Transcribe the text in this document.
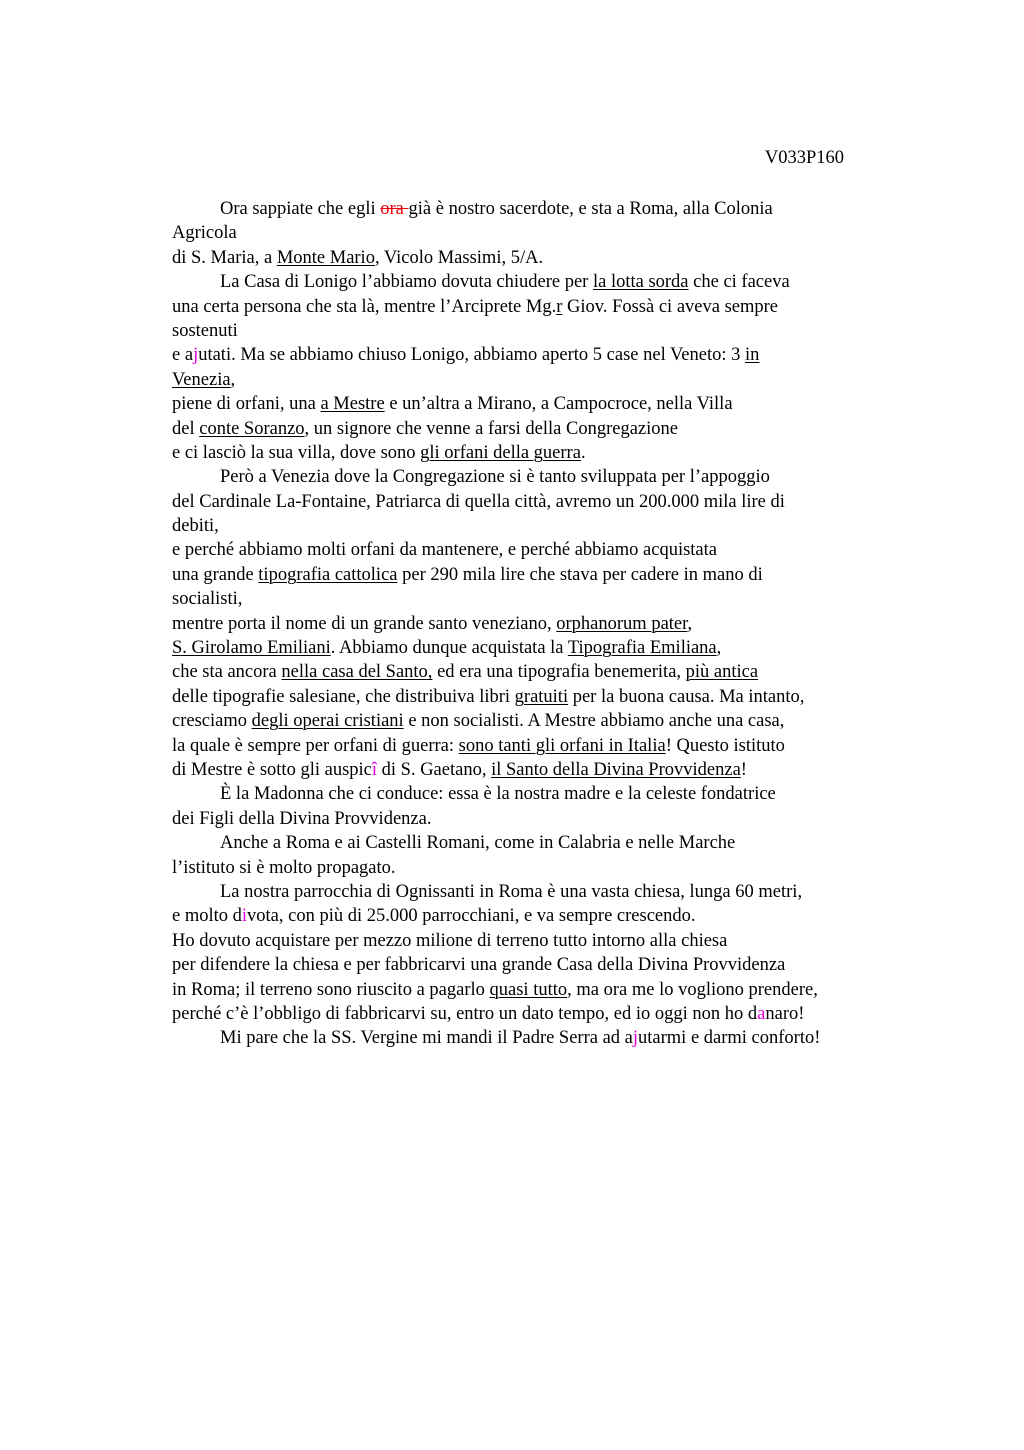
V033P160
Ora sappiate che egli ora già è nostro sacerdote, e sta a Roma, alla Colonia
Agricola
di S. Maria, a Monte Mario, Vicolo Massimi, 5/A.
La Casa di Lonigo l’abbiamo dovuta chiudere per la lotta sorda che ci faceva
una certa persona che sta là, mentre l’Arciprete Mg.r Giov. Fossà ci aveva sempre
sostenuti
e ajutati. Ma se abbiamo chiuso Lonigo, abbiamo aperto 5 case nel Veneto: 3 in
Venezia,
piene di orfani, una a Mestre e un’altra a Mirano, a Campocroce, nella Villa
del conte Soranzo, un signore che venne a farsi della Congregazione
e ci lasciò la sua villa, dove sono gli orfani della guerra.
Però a Venezia dove la Congregazione si è tanto sviluppata per l’appoggio
del Cardinale La-Fontaine, Patriarca di quella città, avremo un 200.000 mila lire di
debiti,
e perché abbiamo molti orfani da mantenere, e perché abbiamo acquistata
una grande tipografia cattolica per 290 mila lire che stava per cadere in mano di
socialisti,
mentre porta il nome di un grande santo veneziano, orphanorum pater,
S. Girolamo Emiliani. Abbiamo dunque acquistata la Tipografia Emiliana,
che sta ancora nella casa del Santo, ed era una tipografia benemerita, più antica
delle tipografie salesiane, che distribuiva libri gratuiti per la buona causa. Ma intanto,
cresciamo degli operai cristiani e non socialisti. A Mestre abbiamo anche una casa,
la quale è sempre per orfani di guerra: sono tanti gli orfani in Italia! Questo istituto
di Mestre è sotto gli auspicî di S. Gaetano, il Santo della Divina Provvidenza!
È la Madonna che ci conduce: essa è la nostra madre e la celeste fondatrice
dei Figli della Divina Provvidenza.
Anche a Roma e ai Castelli Romani, come in Calabria e nelle Marche
l’istituto si è molto propagato.
La nostra parrocchia di Ognissanti in Roma è una vasta chiesa, lunga 60 metri,
e molto divota, con più di 25.000 parrocchiani, e va sempre crescendo.
Ho dovuto acquistare per mezzo milione di terreno tutto intorno alla chiesa
per difendere la chiesa e per fabbricarvi una grande Casa della Divina Provvidenza
in Roma; il terreno sono riuscito a pagarlo quasi tutto, ma ora me lo vogliono prendere,
perché c’è l’obbligo di fabbricarvi su, entro un dato tempo, ed io oggi non ho danaro!
Mi pare che la SS. Vergine mi mandi il Padre Serra ad ajutarmi e darmi conforto!
